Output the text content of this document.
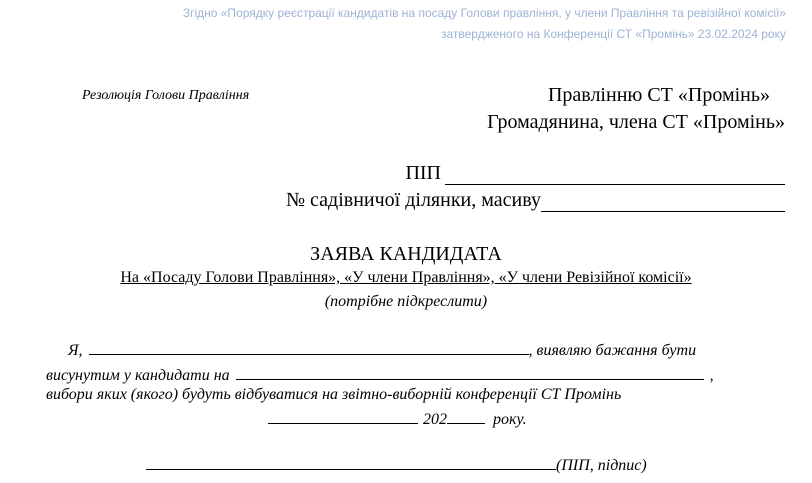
Згідно «Порядку реєстрації кандидатів на посаду Голови правління, у члени Правління та ревізійної комісії»
затвердженого на Конференції СТ «Промінь» 23.02.2024 року
Резолюція Голови Правління	Правлінню СТ «Промінь»
Громадянина, члена СТ «Промінь»
ПІП
№ садівничої ділянки, масиву
ЗАЯВА КАНДИДАТА
На «Посаду Голови Правління», «У члени Правління», «У члени Ревізійної комісії»
(потрібне підкреслити)
Я,	, виявляю бажання бути
висунутим у кандидати на	,
вибори яких (якого) будуть відбуватися на звітно-виборній конференції СТ Промінь
202	року.
(ПІП, підпис)
